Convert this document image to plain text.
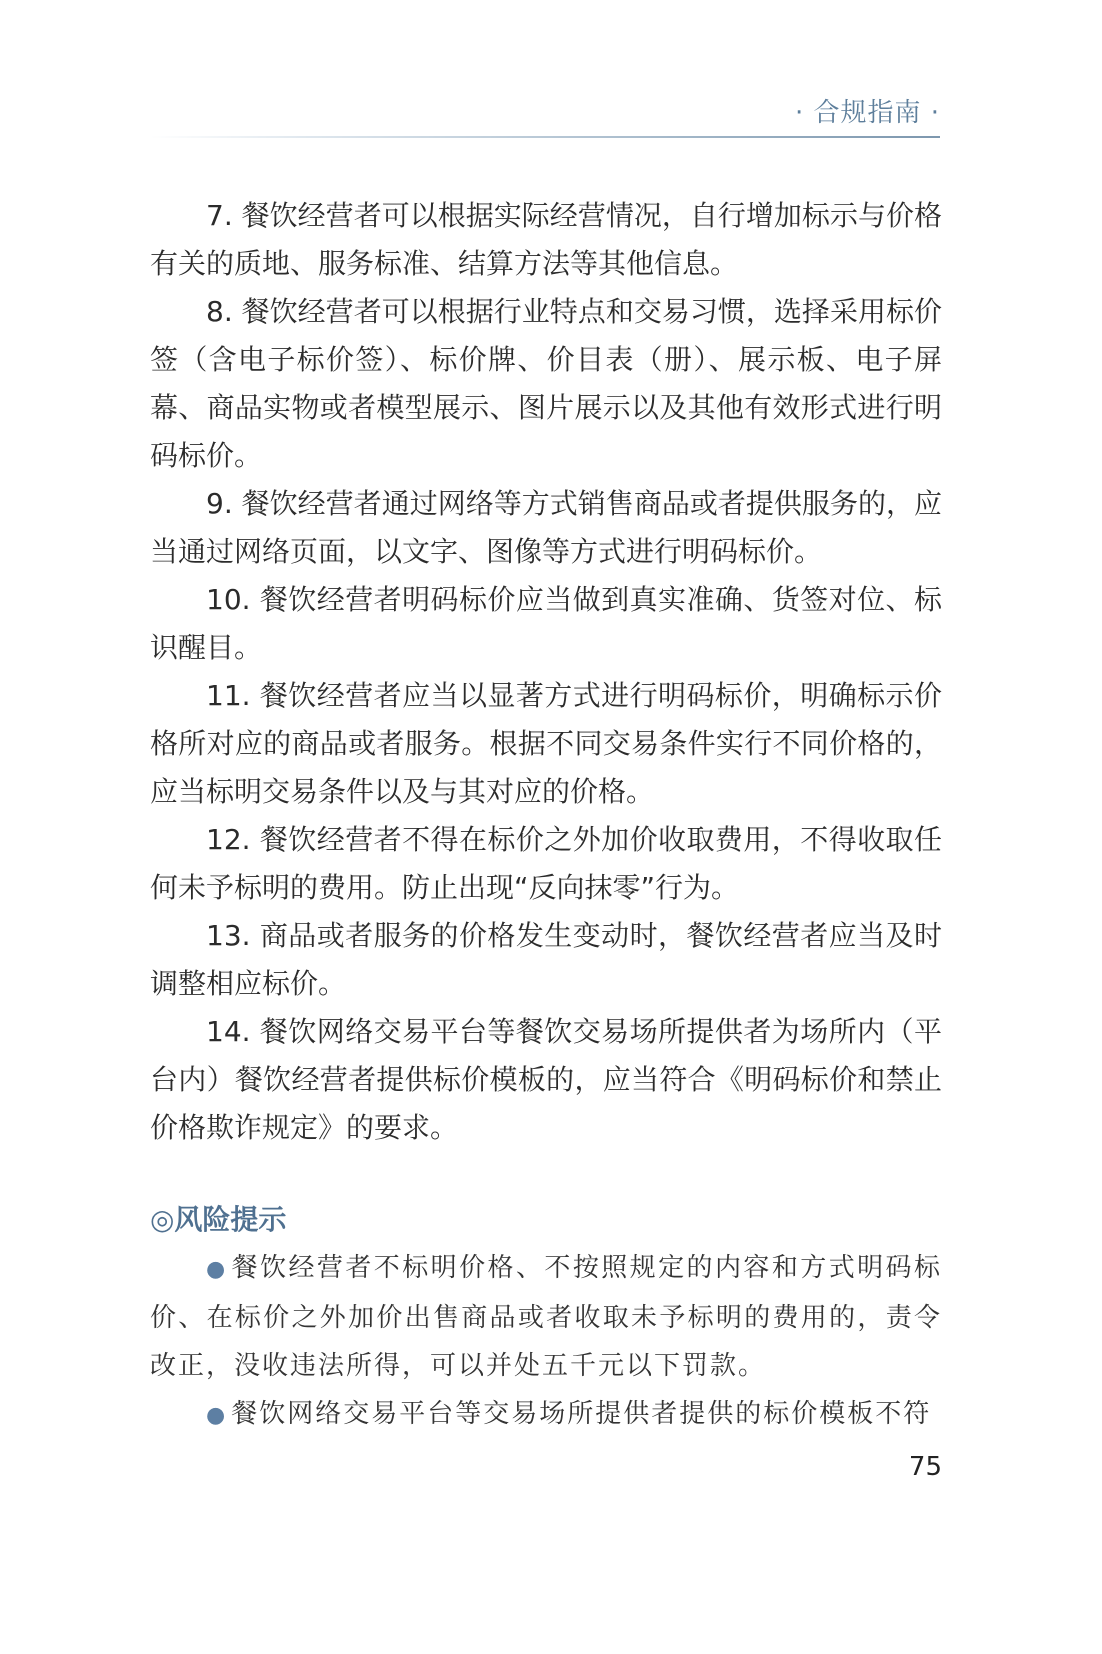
· 合规指南 ·

7. 餐饮经营者可以根据实际经营情况，自行增加标示与价格有关的质地、服务标准、结算方法等其他信息。

8. 餐饮经营者可以根据行业特点和交易习惯，选择采用标价签（含电子标价签）、标价牌、价目表（册）、展示板、电子屏幕、商品实物或者模型展示、图片展示以及其他有效形式进行明码标价。

9. 餐饮经营者通过网络等方式销售商品或者提供服务的，应当通过网络页面，以文字、图像等方式进行明码标价。

10. 餐饮经营者明码标价应当做到真实准确、货签对位、标识醒目。

11. 餐饮经营者应当以显著方式进行明码标价，明确标示价格所对应的商品或者服务。根据不同交易条件实行不同价格的，应当标明交易条件以及与其对应的价格。

12. 餐饮经营者不得在标价之外加价收取费用，不得收取任何未予标明的费用。防止出现“反向抹零”行为。

13. 商品或者服务的价格发生变动时，餐饮经营者应当及时调整相应标价。

14. 餐饮网络交易平台等餐饮交易场所提供者为场所内（平台内）餐饮经营者提供标价模板的，应当符合《明码标价和禁止价格欺诈规定》的要求。

◎风险提示

● 餐饮经营者不标明价格、不按照规定的内容和方式明码标价、在标价之外加价出售商品或者收取未予标明的费用的，责令改正，没收违法所得，可以并处五千元以下罚款。

● 餐饮网络交易平台等交易场所提供者提供的标价模板不符

75
